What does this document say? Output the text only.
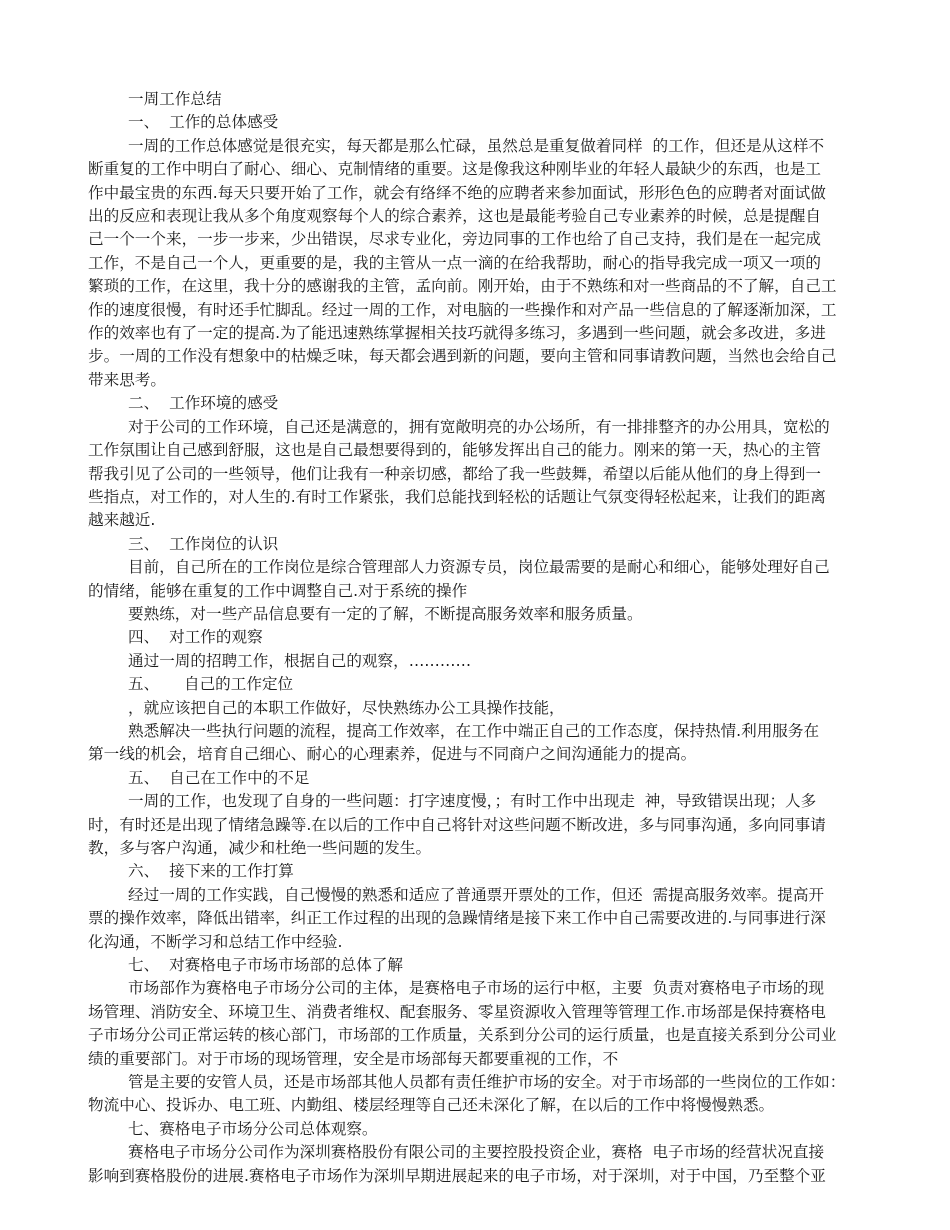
一周工作总结
一、  工作的总体感受
一周的工作总体感觉是很充实，每天都是那么忙碌，虽然总是重复做着同样  的工作，但还是从这样不
断重复的工作中明白了耐心、细心、克制情绪的重要。这是像我这种刚毕业的年轻人最缺少的东西，也是工
作中最宝贵的东西.每天只要开始了工作，就会有络绎不绝的应聘者来参加面试，形形色色的应聘者对面试做
出的反应和表现让我从多个角度观察每个人的综合素养，这也是最能考验自己专业素养的时候，总是提醒自
己一个一个来，一步一步来，少出错误，尽求专业化，旁边同事的工作也给了自己支持，我们是在一起完成
工作，不是自己一个人，更重要的是，我的主管从一点一滴的在给我帮助，耐心的指导我完成一项又一项的
繁琐的工作，在这里，我十分的感谢我的主管，孟向前。刚开始，由于不熟练和对一些商品的不了解，自己工
作的速度很慢，有时还手忙脚乱。经过一周的工作，对电脑的一些操作和对产品一些信息的了解逐渐加深，工
作的效率也有了一定的提高.为了能迅速熟练掌握相关技巧就得多练习，多遇到一些问题，就会多改进，多进
步。一周的工作没有想象中的枯燥乏味，每天都会遇到新的问题，要向主管和同事请教问题，当然也会给自己
带来思考。
二、  工作环境的感受
对于公司的工作环境，自己还是满意的，拥有宽敞明亮的办公场所，有一排排整齐的办公用具，宽松的
工作氛围让自己感到舒服，这也是自己最想要得到的，能够发挥出自己的能力。刚来的第一天，热心的主管
帮我引见了公司的一些领导，他们让我有一种亲切感，都给了我一些鼓舞，希望以后能从他们的身上得到一
些指点，对工作的，对人生的.有时工作紧张，我们总能找到轻松的话题让气氛变得轻松起来，让我们的距离
越来越近.
三、  工作岗位的认识
目前，自己所在的工作岗位是综合管理部人力资源专员，岗位最需要的是耐心和细心，能够处理好自己
的情绪，能够在重复的工作中调整自己.对于系统的操作
要熟练，对一些产品信息要有一定的了解，不断提高服务效率和服务质量。
四、  对工作的观察
通过一周的招聘工作，根据自己的观察，…………
五、     自己的工作定位
，就应该把自己的本职工作做好，尽快熟练办公工具操作技能，
熟悉解决一些执行问题的流程，提高工作效率，在工作中端正自己的工作态度，保持热情.利用服务在
第一线的机会，培育自己细心、耐心的心理素养，促进与不同商户之间沟通能力的提高。
五、  自己在工作中的不足
一周的工作，也发现了自身的一些问题：打字速度慢，；有时工作中出现走  神，导致错误出现；人多
时，有时还是出现了情绪急躁等.在以后的工作中自己将针对这些问题不断改进，多与同事沟通，多向同事请
教，多与客户沟通，减少和杜绝一些问题的发生。
六、  接下来的工作打算
经过一周的工作实践，自己慢慢的熟悉和适应了普通票开票处的工作，但还  需提高服务效率。提高开
票的操作效率，降低出错率，纠正工作过程的出现的急躁情绪是接下来工作中自己需要改进的.与同事进行深
化沟通，不断学习和总结工作中经验.
七、  对赛格电子市场市场部的总体了解
市场部作为赛格电子市场分公司的主体，是赛格电子市场的运行中枢，主要  负责对赛格电子市场的现
场管理、消防安全、环境卫生、消费者维权、配套服务、零星资源收入管理等管理工作.市场部是保持赛格电
子市场分公司正常运转的核心部门，市场部的工作质量，关系到分公司的运行质量，也是直接关系到分公司业
绩的重要部门。对于市场的现场管理，安全是市场部每天都要重视的工作，不
管是主要的安管人员，还是市场部其他人员都有责任维护市场的安全。对于市场部的一些岗位的工作如：
物流中心、投诉办、电工班、内勤组、楼层经理等自己还未深化了解，在以后的工作中将慢慢熟悉。
七、赛格电子市场分公司总体观察。
赛格电子市场分公司作为深圳赛格股份有限公司的主要控股投资企业，赛格  电子市场的经营状况直接
影响到赛格股份的进展.赛格电子市场作为深圳早期进展起来的电子市场，对于深圳，对于中国，乃至整个亚
